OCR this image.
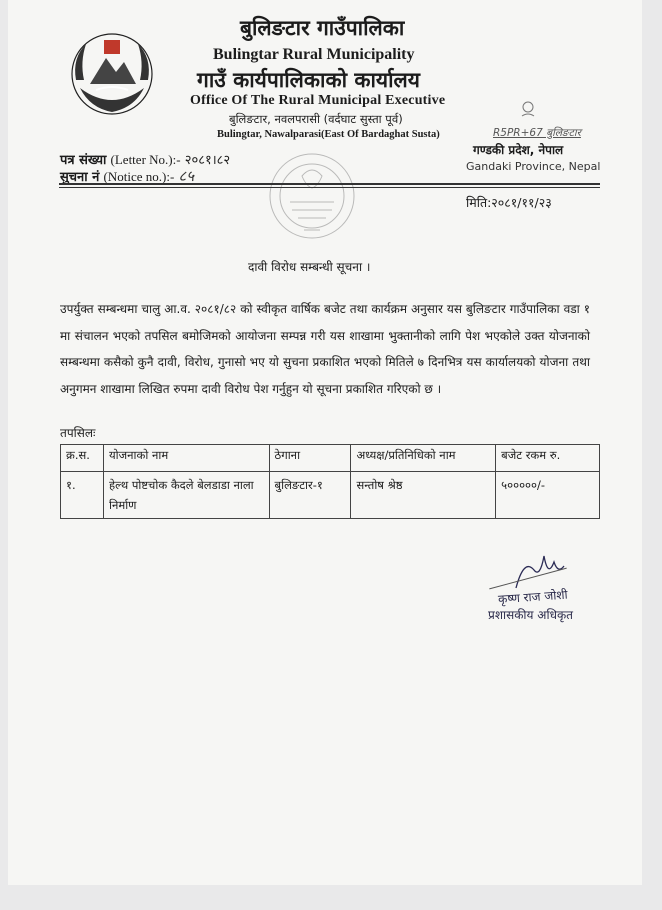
बुलिङटार गाउँपालिका
Bulingtar Rural Municipality
गाउँ कार्यपालिकाको कार्यालय
Office Of The Rural Municipal Executive
बुलिङटार, नवलपरासी (वर्दघाट सुस्ता पूर्व)
Bulingtar, Nawalparasi(East Of Bardaghat Susta)	R5PR+67 बुलिङटार
गण्डकी प्रदेश, नेपाल
Gandaki Province, Nepal
पत्र संख्या (Letter No.):- २०८१।८२
सुचना नं (Notice no.):- ८५
मिति:२०८१/११/२३
दावी विरोध सम्बन्धी सूचना ।
उपर्युक्त सम्बन्धमा चालु आ.व. २०८१/८२ को स्वीकृत वार्षिक बजेट तथा कार्यक्रम अनुसार यस बुलिङटार गाउँपालिका वडा १ मा संचालन भएको तपसिल बमोजिमको आयोजना सम्पन्न गरी यस शाखामा भुक्तानीको लागि पेश भएकोले उक्त योजनाको सम्बन्धमा कसैको कुनै दावी, विरोध, गुनासो भए यो सुचना प्रकाशित भएको मितिले ७ दिनभित्र यस कार्यालयको योजना तथा अनुगमन शाखामा लिखित रुपमा दावी विरोध पेश गर्नुहुन यो सूचना प्रकाशित गरिएको छ ।
तपसिलः
क्र.स.	योजनाको नाम	ठेगाना	अध्यक्ष/प्रतिनिधिको नाम	बजेट रकम रु.
१.	हेल्थ पोष्टचोक कैदले बेलडाडा नाला निर्माण	बुलिङटार-१	सन्तोष श्रेष्ठ	५०००००/-
कृष्ण राज जोशी
प्रशासकीय अधिकृत
